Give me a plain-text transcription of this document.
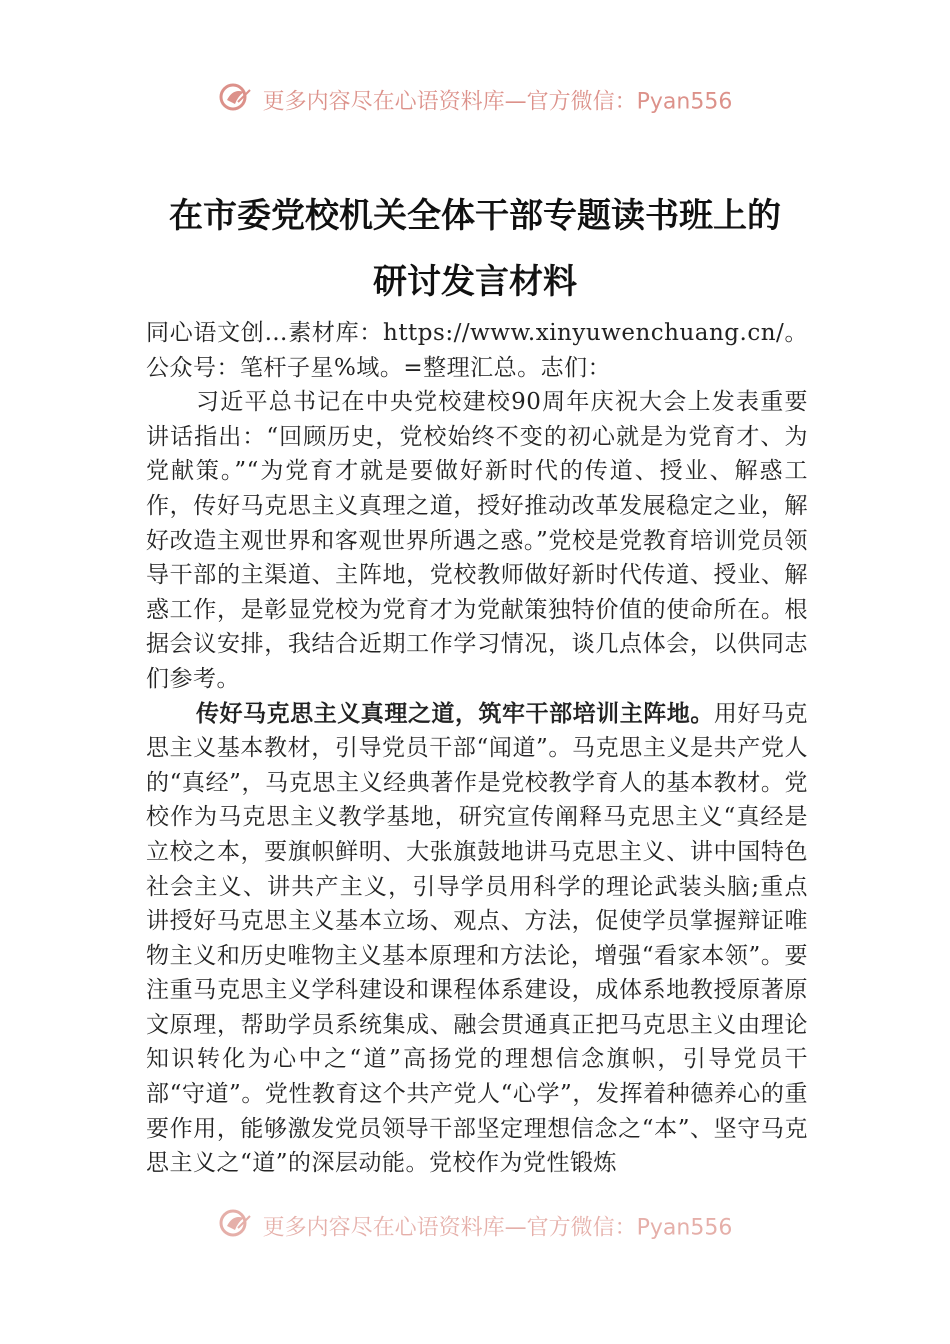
更多内容尽在心语资料库—官方微信：Pyan556
在市委党校机关全体干部专题读书班上的
研讨发言材料

同心语文创…素材库：https://www.xinyuwenchuang.cn/。公众号：笔杆子星%域。=整理汇总。志们：

习近平总书记在中央党校建校90周年庆祝大会上发表重要讲话指出：“回顾历史，党校始终不变的初心就是为党育才、为党献策。”“为党育才就是要做好新时代的传道、授业、解惑工作，传好马克思主义真理之道，授好推动改革发展稳定之业，解好改造主观世界和客观世界所遇之惑。”党校是党教育培训党员领导干部的主渠道、主阵地，党校教师做好新时代传道、授业、解惑工作，是彰显党校为党育才为党献策独特价值的使命所在。根据会议安排，我结合近期工作学习情况，谈几点体会，以供同志们参考。

传好马克思主义真理之道，筑牢干部培训主阵地。用好马克思主义基本教材，引导党员干部“闻道”。马克思主义是共产党人的“真经”，马克思主义经典著作是党校教学育人的基本教材。党校作为马克思主义教学基地，研究宣传阐释马克思主义“真经是立校之本，要旗帜鲜明、大张旗鼓地讲马克思主义、讲中国特色社会主义、讲共产主义，引导学员用科学的理论武装头脑;重点讲授好马克思主义基本立场、观点、方法，促使学员掌握辩证唯物主义和历史唯物主义基本原理和方法论，增强“看家本领”。要注重马克思主义学科建设和课程体系建设，成体系地教授原著原文原理，帮助学员系统集成、融会贯通真正把马克思主义由理论知识转化为心中之“道”高扬党的理想信念旗帜，引导党员干部“守道”。党性教育这个共产党人“心学”，发挥着种德养心的重要作用，能够激发党员领导干部坚定理想信念之“本”、坚守马克思主义之“道”的深层动能。党校作为党性锻炼

更多内容尽在心语资料库—官方微信：Pyan556
